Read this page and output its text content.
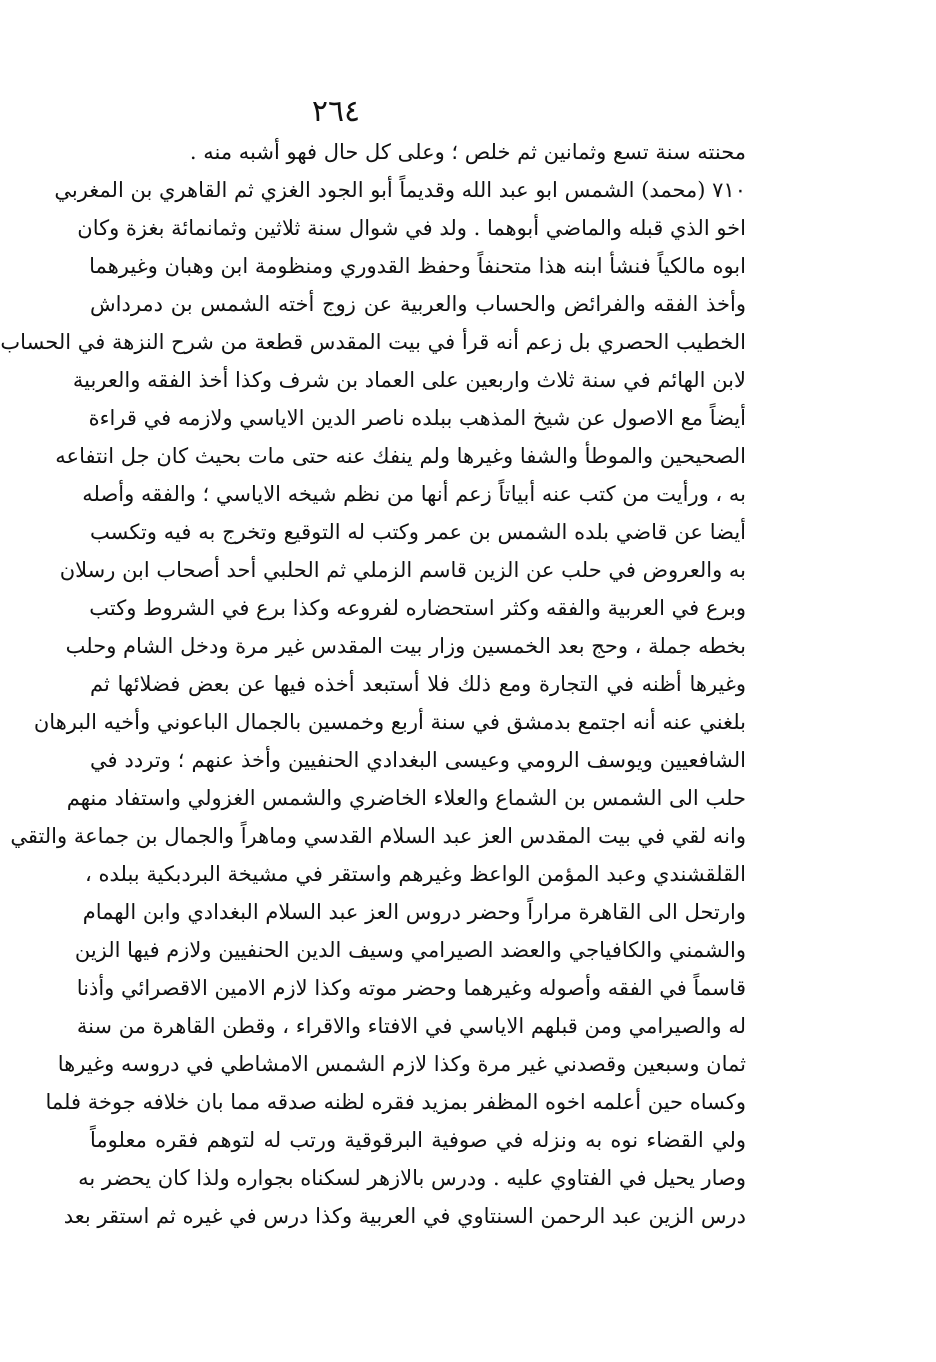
٢٦٤
محنته سنة تسع وثمانين ثم خلص ؛ وعلى كل حال فهو أشبه منه .
٧١٠ (محمد) الشمس ابو عبد الله وقديماً أبو الجود الغزي ثم القاهري بن المغربي
اخو الذي قبله والماضي أبوهما . ولد في شوال سنة ثلاثين وثمانمائة بغزة وكان
ابوه مالكياً فنشأ ابنه هذا متحنفاً وحفظ القدوري ومنظومة ابن وهبان وغيرهما
وأخذ الفقه والفرائض والحساب والعربية عن زوج أخته الشمس بن دمرداش
الخطيب الحصري بل زعم أنه قرأ في بيت المقدس قطعة من شرح النزهة في الحساب
لابن الهائم في سنة ثلاث واربعين على العماد بن شرف وكذا أخذ الفقه والعربية
أيضاً مع الاصول عن شيخ المذهب ببلده ناصر الدين الاياسي ولازمه في قراءة
الصحيحين والموطأ والشفا وغيرها ولم ينفك عنه حتى مات بحيث كان جل انتفاعه
به ، ورأيت من كتب عنه أبياتاً زعم أنها من نظم شيخه الاياسي ؛ والفقه وأصله
أيضا عن قاضي بلده الشمس بن عمر وكتب له التوقيع وتخرج به فيه وتكسب
به والعروض في حلب عن الزين قاسم الزملي ثم الحلبي أحد أصحاب ابن رسلان
وبرع في العربية والفقه وكثر استحضاره لفروعه وكذا برع في الشروط وكتب
بخطه جملة ، وحج بعد الخمسين وزار بيت المقدس غير مرة ودخل الشام وحلب
وغيرها أظنه في التجارة ومع ذلك فلا أستبعد أخذه فيها عن بعض فضلائها ثم
بلغني عنه أنه اجتمع بدمشق في سنة أربع وخمسين بالجمال الباعوني وأخيه البرهان
الشافعيين ويوسف الرومي وعيسى البغدادي الحنفيين وأخذ عنهم ؛ وتردد في
حلب الى الشمس بن الشماع والعلاء الخاضري والشمس الغزولي واستفاد منهم
وانه لقي في بيت المقدس العز عبد السلام القدسي وماهراً والجمال بن جماعة والتقي
القلقشندي وعبد المؤمن الواعظ وغيرهم واستقر في مشيخة البردبكية ببلده ،
وارتحل الى القاهرة مراراً وحضر دروس العز عبد السلام البغدادي وابن الهمام
والشمني والكافياجي والعضد الصيرامي وسيف الدين الحنفيين ولازم فيها الزين
قاسماً في الفقه وأصوله وغيرهما وحضر موته وكذا لازم الامين الاقصرائي وأذنا
له والصيرامي ومن قبلهم الاياسي في الافتاء والاقراء ، وقطن القاهرة من سنة
ثمان وسبعين وقصدني غير مرة وكذا لازم الشمس الامشاطي في دروسه وغيرها
وكساه حين أعلمه اخوه المظفر بمزيد فقره لظنه صدقه مما بان خلافه جوخة فلما
ولي القضاء نوه به ونزله في صوفية البرقوقية ورتب له لتوهم فقره معلوماً
وصار يحيل في الفتاوي عليه . ودرس بالازهر لسكناه بجواره ولذا كان يحضر به
درس الزين عبد الرحمن السنتاوي في العربية وكذا درس في غيره ثم استقر بعد
